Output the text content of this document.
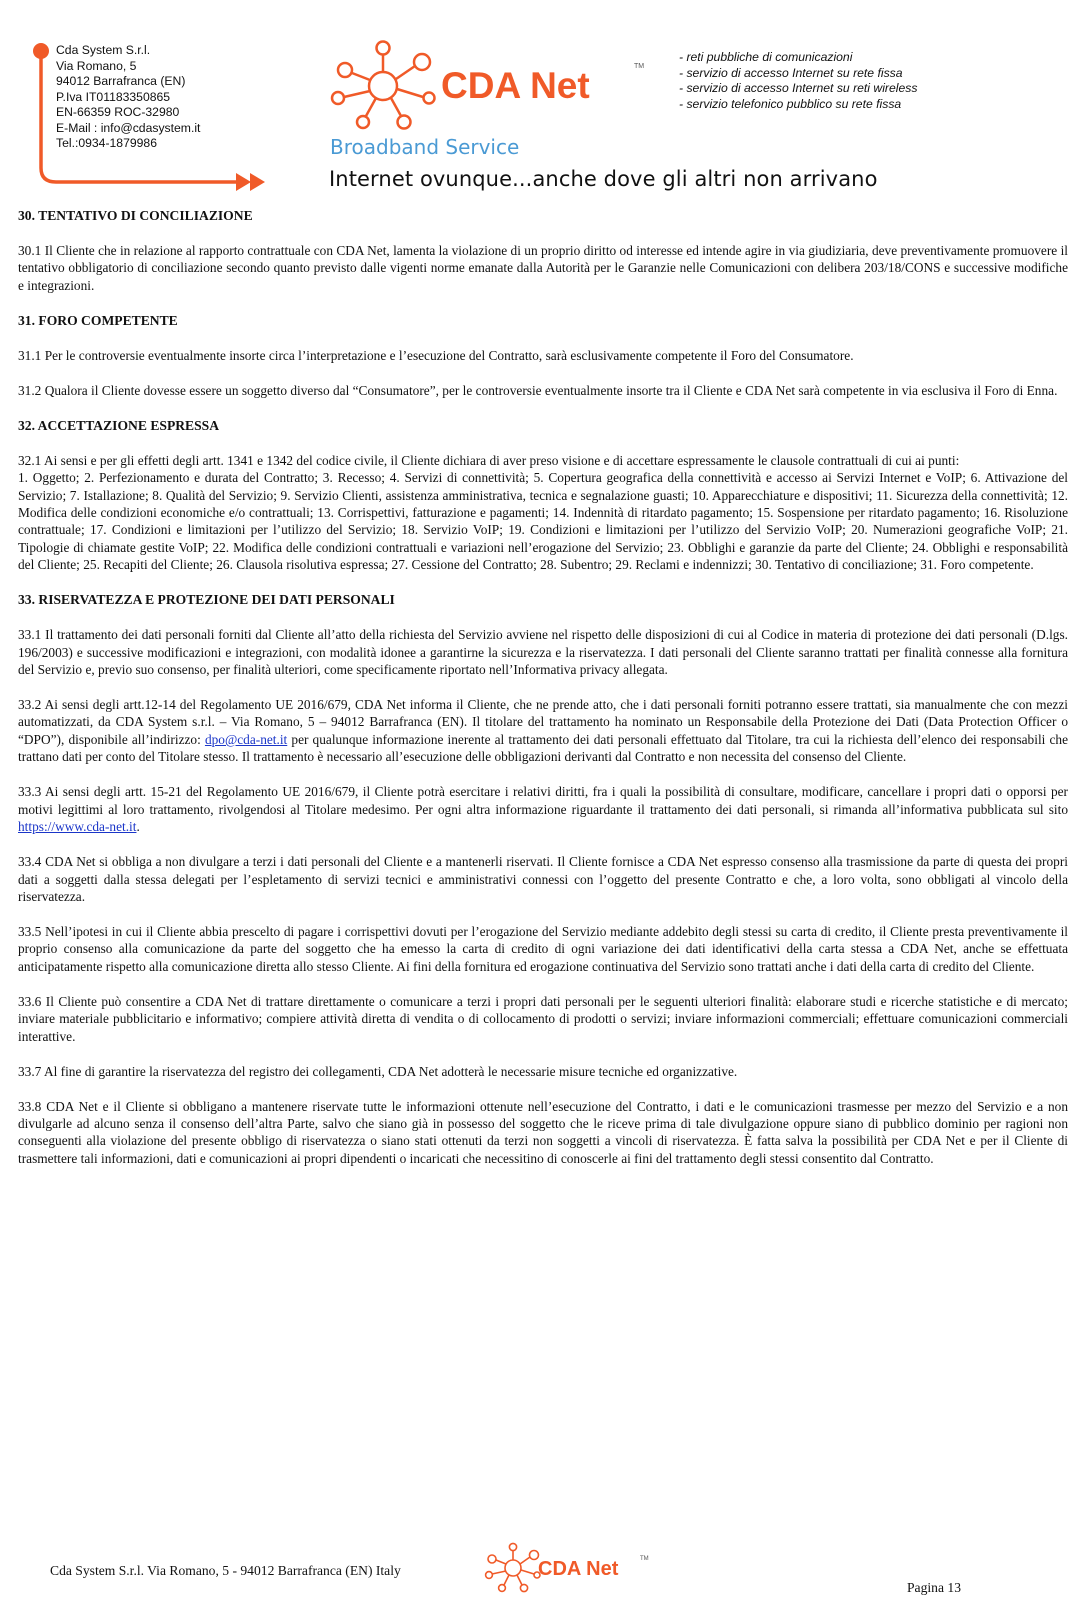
Cda System S.r.l.
Via Romano, 5
94012 Barrafranca (EN)
P.Iva IT01183350865
EN-66359 ROC-32980
E-Mail : info@cdasystem.it
Tel.:0934-1879986
CDA Net	TM
Broadband Service
Internet ovunque...anche dove gli altri non arrivano
- reti pubbliche di comunicazioni
- servizio di accesso Internet su rete fissa
- servizio di accesso Internet su reti wireless
- servizio telefonico pubblico su rete fissa
30. TENTATIVO DI CONCILIAZIONE
30.1 Il Cliente che in relazione al rapporto contrattuale con CDA Net, lamenta la violazione di un proprio diritto od interesse ed intende agire in via giudiziaria, deve preventivamente promuovere il tentativo obbligatorio di conciliazione secondo quanto previsto dalle vigenti norme emanate dalla Autorità per le Garanzie nelle Comunicazioni con delibera 203/18/CONS e successive modifiche e integrazioni.
31. FORO COMPETENTE
31.1 Per le controversie eventualmente insorte circa l’interpretazione e l’esecuzione del Contratto, sarà esclusivamente competente il Foro del Consumatore.
31.2 Qualora il Cliente dovesse essere un soggetto diverso dal “Consumatore”, per le controversie eventualmente insorte tra il Cliente e CDA Net sarà competente in via esclusiva il Foro di Enna.
32. ACCETTAZIONE ESPRESSA
32.1 Ai sensi e per gli effetti degli artt. 1341 e 1342 del codice civile, il Cliente dichiara di aver preso visione e di accettare espressamente le clausole contrattuali di cui ai punti:
1. Oggetto; 2. Perfezionamento e durata del Contratto; 3. Recesso; 4. Servizi di connettività; 5. Copertura geografica della connettività e accesso ai Servizi Internet e VoIP; 6. Attivazione del Servizio; 7. Istallazione; 8. Qualità del Servizio; 9. Servizio Clienti, assistenza amministrativa, tecnica e segnalazione guasti; 10. Apparecchiature e dispositivi; 11. Sicurezza della connettività; 12. Modifica delle condizioni economiche e/o contrattuali; 13. Corrispettivi, fatturazione e pagamenti; 14. Indennità di ritardato pagamento; 15. Sospensione per ritardato pagamento; 16. Risoluzione contrattuale; 17. Condizioni e limitazioni per l’utilizzo del Servizio; 18. Servizio VoIP; 19. Condizioni e limitazioni per l’utilizzo del Servizio VoIP; 20. Numerazioni geografiche VoIP; 21. Tipologie di chiamate gestite VoIP; 22. Modifica delle condizioni contrattuali e variazioni nell’erogazione del Servizio; 23. Obblighi e garanzie da parte del Cliente; 24. Obblighi e responsabilità del Cliente; 25. Recapiti del Cliente; 26. Clausola risolutiva espressa; 27. Cessione del Contratto; 28. Subentro; 29. Reclami e indennizzi; 30. Tentativo di conciliazione; 31. Foro competente.
33. RISERVATEZZA E PROTEZIONE DEI DATI PERSONALI
33.1 Il trattamento dei dati personali forniti dal Cliente all’atto della richiesta del Servizio avviene nel rispetto delle disposizioni di cui al Codice in materia di protezione dei dati personali (D.lgs. 196/2003) e successive modificazioni e integrazioni, con modalità idonee a garantirne la sicurezza e la riservatezza. I dati personali del Cliente saranno trattati per finalità connesse alla fornitura del Servizio e, previo suo consenso, per finalità ulteriori, come specificamente riportato nell’Informativa privacy allegata.
33.2 Ai sensi degli artt.12-14 del Regolamento UE 2016/679, CDA Net informa il Cliente, che ne prende atto, che i dati personali forniti potranno essere trattati, sia manualmente che con mezzi automatizzati, da CDA System s.r.l. – Via Romano, 5 – 94012 Barrafranca (EN). Il titolare del trattamento ha nominato un Responsabile della Protezione dei Dati (Data Protection Officer o “DPO”), disponibile all’indirizzo: dpo@cda-net.it per qualunque informazione inerente al trattamento dei dati personali effettuato dal Titolare, tra cui la richiesta dell’elenco dei responsabili che trattano dati per conto del Titolare stesso. Il trattamento è necessario all’esecuzione delle obbligazioni derivanti dal Contratto e non necessita del consenso del Cliente.
33.3 Ai sensi degli artt. 15-21 del Regolamento UE 2016/679, il Cliente potrà esercitare i relativi diritti, fra i quali la possibilità di consultare, modificare, cancellare i propri dati o opporsi per motivi legittimi al loro trattamento, rivolgendosi al Titolare medesimo. Per ogni altra informazione riguardante il trattamento dei dati personali, si rimanda all’informativa pubblicata sul sito https://www.cda-net.it.
33.4 CDA Net si obbliga a non divulgare a terzi i dati personali del Cliente e a mantenerli riservati. Il Cliente fornisce a CDA Net espresso consenso alla trasmissione da parte di questa dei propri dati a soggetti dalla stessa delegati per l’espletamento di servizi tecnici e amministrativi connessi con l’oggetto del presente Contratto e che, a loro volta, sono obbligati al vincolo della riservatezza.
33.5 Nell’ipotesi in cui il Cliente abbia prescelto di pagare i corrispettivi dovuti per l’erogazione del Servizio mediante addebito degli stessi su carta di credito, il Cliente presta preventivamente il proprio consenso alla comunicazione da parte del soggetto che ha emesso la carta di credito di ogni variazione dei dati identificativi della carta stessa a CDA Net, anche se effettuata anticipatamente rispetto alla comunicazione diretta allo stesso Cliente. Ai fini della fornitura ed erogazione continuativa del Servizio sono trattati anche i dati della carta di credito del Cliente.
33.6 Il Cliente può consentire a CDA Net di trattare direttamente o comunicare a terzi i propri dati personali per le seguenti ulteriori finalità: elaborare studi e ricerche statistiche e di mercato; inviare materiale pubblicitario e informativo; compiere attività diretta di vendita o di collocamento di prodotti o servizi; inviare informazioni commerciali; effettuare comunicazioni commerciali interattive.
33.7 Al fine di garantire la riservatezza del registro dei collegamenti, CDA Net adotterà le necessarie misure tecniche ed organizzative.
33.8 CDA Net e il Cliente si obbligano a mantenere riservate tutte le informazioni ottenute nell’esecuzione del Contratto, i dati e le comunicazioni trasmesse per mezzo del Servizio e a non divulgarle ad alcuno senza il consenso dell’altra Parte, salvo che siano già in possesso del soggetto che le riceve prima di tale divulgazione oppure siano di pubblico dominio per ragioni non conseguenti alla violazione del presente obbligo di riservatezza o siano stati ottenuti da terzi non soggetti a vincoli di riservatezza. È fatta salva la possibilità per CDA Net e per il Cliente di trasmettere tali informazioni, dati e comunicazioni ai propri dipendenti o incaricati che necessitino di conoscerle ai fini del trattamento degli stessi consentito dal Contratto.
Cda System S.r.l. Via Romano, 5 - 94012 Barrafranca (EN) Italy	CDA Net	TM
Pagina 13
